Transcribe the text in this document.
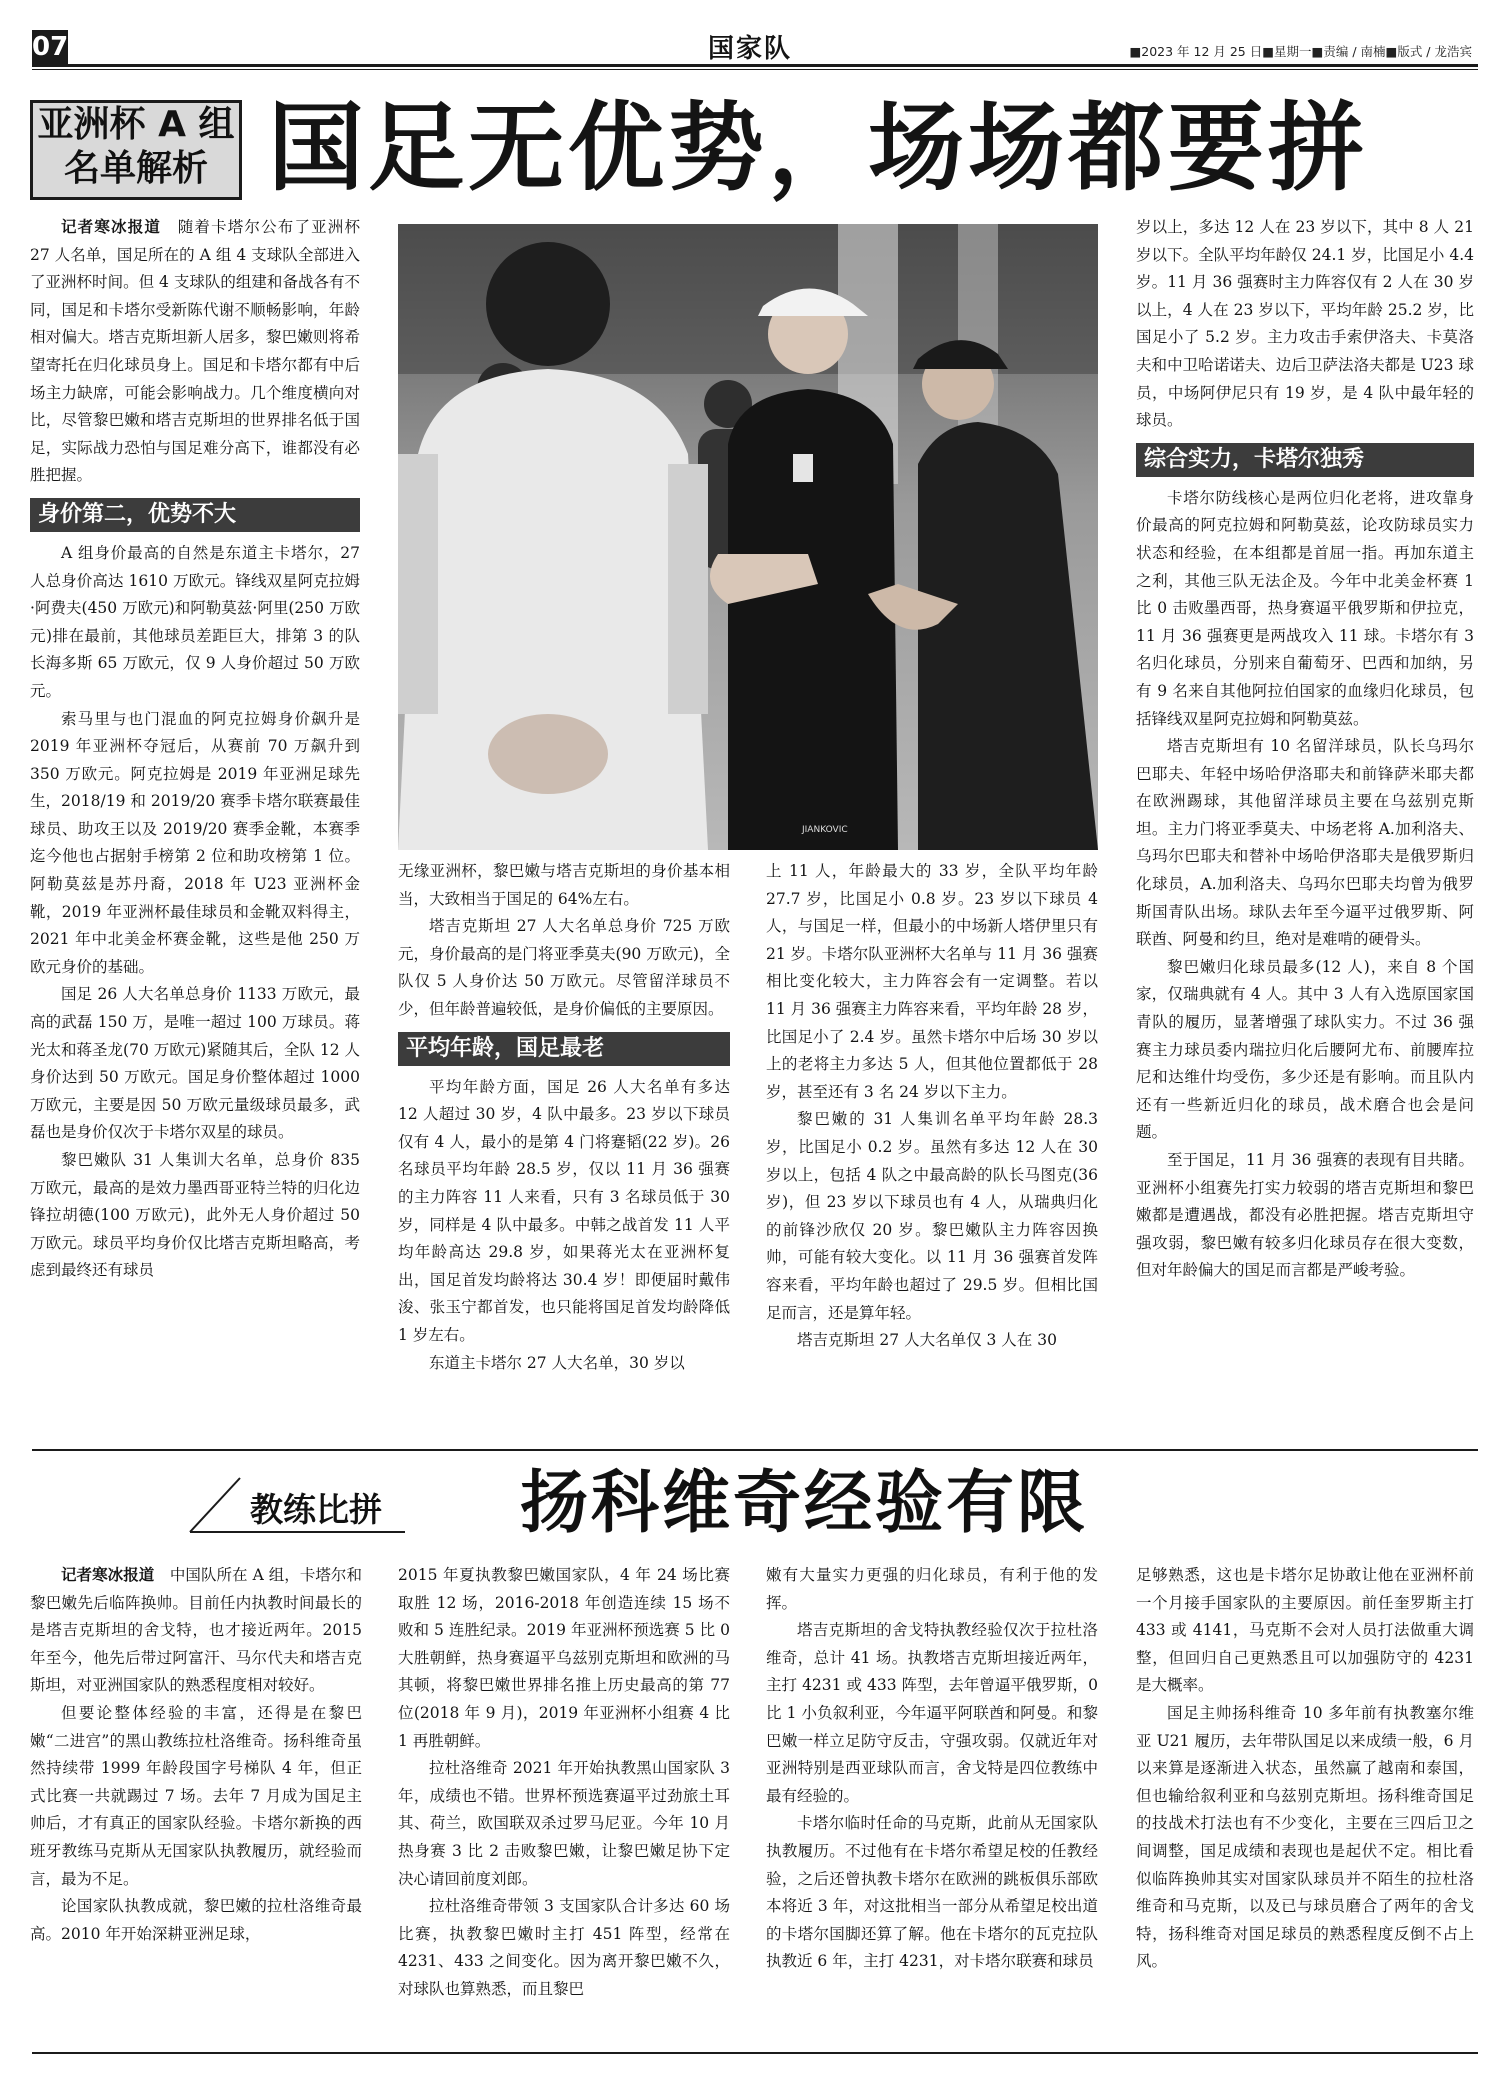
07	国家队	■2023 年 12 月 25 日■星期一■责编 / 南楠■版式 / 龙浩宾
亚洲杯 A 组
名单解析 国足无优势，场场都要拼

记者寒冰报道　 随着卡塔尔公布了亚洲杯 27 人名单，国足所在的 A 组 4 支球队全部进入了亚洲杯时间。但 4 支球队的组建和备战各有不同，国足和卡塔尔受新陈代谢不顺畅影响，年龄相对偏大。塔吉克斯坦新人居多，黎巴嫩则将希望寄托在归化球员身上。国足和卡塔尔都有中后场主力缺席，可能会影响战力。几个维度横向对比，尽管黎巴嫩和塔吉克斯坦的世界排名低于国足，实际战力恐怕与国足难分高下，谁都没有必胜把握。

身价第二，优势不大

A 组身价最高的自然是东道主卡塔尔，27 人总身价高达 1610 万欧元。锋线双星阿克拉姆·阿费夫(450 万欧元)和阿勒莫兹·阿里(250 万欧元)排在最前，其他球员差距巨大，排第 3 的队长海多斯 65 万欧元，仅 9 人身价超过 50 万欧元。

索马里与也门混血的阿克拉姆身价飙升是 2019 年亚洲杯夺冠后，从赛前 70 万飙升到 350 万欧元。阿克拉姆是 2019 年亚洲足球先生，2018/19 和 2019/20 赛季卡塔尔联赛最佳球员、助攻王以及 2019/20 赛季金靴，本赛季迄今他也占据射手榜第 2 位和助攻榜第 1 位。阿勒莫兹是苏丹裔，2018 年 U23 亚洲杯金靴，2019 年亚洲杯最佳球员和金靴双料得主，2021 年中北美金杯赛金靴，这些是他 250 万欧元身价的基础。

国足 26 人大名单总身价 1133 万欧元，最高的武磊 150 万，是唯一超过 100 万球员。蒋光太和蒋圣龙(70 万欧元)紧随其后，全队 12 人身价达到 50 万欧元。国足身价整体超过 1000 万欧元，主要是因 50 万欧元量级球员最多，武磊也是身价仅次于卡塔尔双星的球员。

黎巴嫩队 31 人集训大名单，总身价 835 万欧元，最高的是效力墨西哥亚特兰特的归化边锋拉胡德(100 万欧元)，此外无人身价超过 50 万欧元。球员平均身价仅比塔吉克斯坦略高，考虑到最终还有球员

JIANKOVIC

无缘亚洲杯，黎巴嫩与塔吉克斯坦的身价基本相当，大致相当于国足的 64%左右。

塔吉克斯坦 27 人大名单总身价 725 万欧元，身价最高的是门将亚季莫夫(90 万欧元)，全队仅 5 人身价达 50 万欧元。尽管留洋球员不少，但年龄普遍较低，是身价偏低的主要原因。

平均年龄，国足最老

平均年龄方面，国足 26 人大名单有多达 12 人超过 30 岁，4 队中最多。23 岁以下球员仅有 4 人，最小的是第 4 门将蹇韬(22 岁)。26 名球员平均年龄 28.5 岁，仅以 11 月 36 强赛的主力阵容 11 人来看，只有 3 名球员低于 30 岁，同样是 4 队中最多。中韩之战首发 11 人平均年龄高达 29.8 岁，如果蒋光太在亚洲杯复出，国足首发均龄将达 30.4 岁！即便届时戴伟浚、张玉宁都首发，也只能将国足首发均龄降低 1 岁左右。

东道主卡塔尔 27 人大名单，30 岁以

上 11 人，年龄最大的 33 岁，全队平均年龄 27.7 岁，比国足小 0.8 岁。23 岁以下球员 4 人，与国足一样，但最小的中场新人塔伊里只有 21 岁。卡塔尔队亚洲杯大名单与 11 月 36 强赛相比变化较大，主力阵容会有一定调整。若以 11 月 36 强赛主力阵容来看，平均年龄 28 岁，比国足小了 2.4 岁。虽然卡塔尔中后场 30 岁以上的老将主力多达 5 人，但其他位置都低于 28 岁，甚至还有 3 名 24 岁以下主力。

黎巴嫩的 31 人集训名单平均年龄 28.3 岁，比国足小 0.2 岁。虽然有多达 12 人在 30 岁以上，包括 4 队之中最高龄的队长马图克(36 岁)，但 23 岁以下球员也有 4 人，从瑞典归化的前锋沙欣仅 20 岁。黎巴嫩队主力阵容因换帅，可能有较大变化。以 11 月 36 强赛首发阵容来看，平均年龄也超过了 29.5 岁。但相比国足而言，还是算年轻。

塔吉克斯坦 27 人大名单仅 3 人在 30

岁以上，多达 12 人在 23 岁以下，其中 8 人 21 岁以下。全队平均年龄仅 24.1 岁，比国足小 4.4 岁。11 月 36 强赛时主力阵容仅有 2 人在 30 岁以上，4 人在 23 岁以下，平均年龄 25.2 岁，比国足小了 5.2 岁。主力攻击手索伊洛夫、卡莫洛夫和中卫哈诺诺夫、边后卫萨法洛夫都是 U23 球员，中场阿伊尼只有 19 岁，是 4 队中最年轻的球员。

综合实力，卡塔尔独秀

卡塔尔防线核心是两位归化老将，进攻靠身价最高的阿克拉姆和阿勒莫兹，论攻防球员实力状态和经验，在本组都是首屈一指。再加东道主之利，其他三队无法企及。今年中北美金杯赛 1 比 0 击败墨西哥，热身赛逼平俄罗斯和伊拉克，11 月 36 强赛更是两战攻入 11 球。卡塔尔有 3 名归化球员，分别来自葡萄牙、巴西和加纳，另有 9 名来自其他阿拉伯国家的血缘归化球员，包括锋线双星阿克拉姆和阿勒莫兹。

塔吉克斯坦有 10 名留洋球员，队长乌玛尔巴耶夫、年轻中场哈伊洛耶夫和前锋萨米耶夫都在欧洲踢球，其他留洋球员主要在乌兹别克斯坦。主力门将亚季莫夫、中场老将 A.加利洛夫、乌玛尔巴耶夫和替补中场哈伊洛耶夫是俄罗斯归化球员，A.加利洛夫、乌玛尔巴耶夫均曾为俄罗斯国青队出场。球队去年至今逼平过俄罗斯、阿联酋、阿曼和约旦，绝对是难啃的硬骨头。

黎巴嫩归化球员最多(12 人)，来自 8 个国家，仅瑞典就有 4 人。其中 3 人有入选原国家国青队的履历，显著增强了球队实力。不过 36 强赛主力球员委内瑞拉归化后腰阿尤布、前腰库拉尼和达维什均受伤，多少还是有影响。而且队内还有一些新近归化的球员，战术磨合也会是问题。

至于国足，11 月 36 强赛的表现有目共睹。亚洲杯小组赛先打实力较弱的塔吉克斯坦和黎巴嫩都是遭遇战，都没有必胜把握。塔吉克斯坦守强攻弱，黎巴嫩有较多归化球员存在很大变数，但对年龄偏大的国足而言都是严峻考验。

教练比拼 扬科维奇经验有限

记者寒冰报道　 中国队所在 A 组，卡塔尔和黎巴嫩先后临阵换帅。目前任内执教时间最长的是塔吉克斯坦的舍戈特，也才接近两年。2015 年至今，他先后带过阿富汗、马尔代夫和塔吉克斯坦，对亚洲国家队的熟悉程度相对较好。

但要论整体经验的丰富，还得是在黎巴嫩“二进宫”的黑山教练拉杜洛维奇。扬科维奇虽然持续带 1999 年龄段国字号梯队 4 年，但正式比赛一共就踢过 7 场。去年 7 月成为国足主帅后，才有真正的国家队经验。卡塔尔新换的西班牙教练马克斯从无国家队执教履历，就经验而言，最为不足。

论国家队执教成就，黎巴嫩的拉杜洛维奇最高。2010 年开始深耕亚洲足球，

2015 年夏执教黎巴嫩国家队，4 年 24 场比赛取胜 12 场，2016-2018 年创造连续 15 场不败和 5 连胜纪录。2019 年亚洲杯预选赛 5 比 0 大胜朝鲜，热身赛逼平乌兹别克斯坦和欧洲的马其顿，将黎巴嫩世界排名推上历史最高的第 77 位(2018 年 9 月)，2019 年亚洲杯小组赛 4 比 1 再胜朝鲜。

拉杜洛维奇 2021 年开始执教黑山国家队 3 年，成绩也不错。世界杯预选赛逼平过劲旅土耳其、荷兰，欧国联双杀过罗马尼亚。今年 10 月热身赛 3 比 2 击败黎巴嫩，让黎巴嫩足协下定决心请回前度刘郎。

拉杜洛维奇带领 3 支国家队合计多达 60 场比赛，执教黎巴嫩时主打 451 阵型，经常在 4231、433 之间变化。因为离开黎巴嫩不久，对球队也算熟悉，而且黎巴

嫩有大量实力更强的归化球员，有利于他的发挥。

塔吉克斯坦的舍戈特执教经验仅次于拉杜洛维奇，总计 41 场。执教塔吉克斯坦接近两年，主打 4231 或 433 阵型，去年曾逼平俄罗斯，0 比 1 小负叙利亚，今年逼平阿联酋和阿曼。和黎巴嫩一样立足防守反击，守强攻弱。仅就近年对亚洲特别是西亚球队而言，舍戈特是四位教练中最有经验的。

卡塔尔临时任命的马克斯，此前从无国家队执教履历。不过他有在卡塔尔希望足校的任教经验，之后还曾执教卡塔尔在欧洲的跳板俱乐部欧本将近 3 年，对这批相当一部分从希望足校出道的卡塔尔国脚还算了解。他在卡塔尔的瓦克拉队执教近 6 年，主打 4231，对卡塔尔联赛和球员

足够熟悉，这也是卡塔尔足协敢让他在亚洲杯前一个月接手国家队的主要原因。前任奎罗斯主打 433 或 4141，马克斯不会对人员打法做重大调整，但回归自己更熟悉且可以加强防守的 4231 是大概率。

国足主帅扬科维奇 10 多年前有执教塞尔维亚 U21 履历，去年带队国足以来成绩一般，6 月以来算是逐渐进入状态，虽然赢了越南和泰国，但也输给叙利亚和乌兹别克斯坦。扬科维奇国足的技战术打法也有不少变化，主要在三四后卫之间调整，国足成绩和表现也是起伏不定。相比看似临阵换帅其实对国家队球员并不陌生的拉杜洛维奇和马克斯，以及已与球员磨合了两年的舍戈特，扬科维奇对国足球员的熟悉程度反倒不占上风。
